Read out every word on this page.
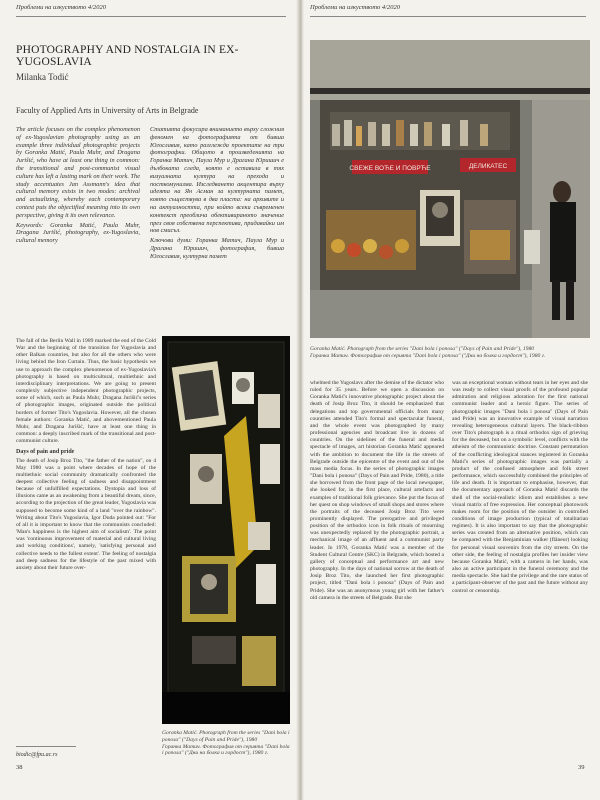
Проблеми на изкуството 4/2020
PHOTOGRAPHY AND NOSTALGIA IN EX-YUGOSLAVIA
Milanka Todić
Faculty of Applied Arts in University of Arts in Belgrade
The article focuses on the complex phenomenon of ex-Yugoslavian photography using as an example three individual photographic projects by Goranka Matić, Paula Muhr, and Dragana Jurišić, who have at least one thing in common: the transitional and post-communist visual culture has left a lasting mark on their work. The study accentuates Jan Assmann's idea that cultural memory exists in two modes: archival and actualizing, whereby each contemporary context puts the objectified meaning into its own perspective, giving it its own relevance.
Keywords: Goranka Matić, Paula Muhr, Dragana Jurišić, photography, ex-Yugoslavia, cultural memory
Статията фокусира вниманието върху сложния феномен на фотографията от бивша Югославия, като разглежда проектите на три фотографки. Общото в произведенията на Горанка Матич, Паула Мур и Драгана Юришич е дълбоката следа, която е оставила в тях визуалната култура на прехода и посткомунизма. Изследването акцентира върху идеята на Ян Асман за културната памет, която съществува в два пласта: на архивите и на актуалността, при който всеки съвременен контекст преоблича обективираното значение през своя собствена перспектива, придавайки им нов смисъл.
Ключови думи: Горанка Матич, Паула Мур и Драгана Юришич, фотография, бивша Югославия, културна памет
The fall of the Berlin Wall in 1989 marked the end of the Cold War and the beginning of the transition for Yugoslavia and other Balkan countries, but also for all the others who were living behind the Iron Curtain. Thus, the basic hypothesis we use to approach the complex phenomenon of ex-Yugoslavia's photography is based on multicultural, multiethnic and interdisciplinary interpretations. We are going to present complexly subjective independent photographic projects, some of which, such as Paula Muhr, Dragana Jurišić's series of photographic images, originated outside the political borders of former Tito's Yugoslavia. However, all the chosen female authors: Goranka Matić, and abovementioned Paula Muhr, and Dragana Jurišić, have at least one thing in common: a deeply inscribed mark of the transitional and post-communist culture.
Days of pain and pride
The death of Josip Broz Tito, "the father of the nation", on 4 May 1980 was a point where decades of hope of the multiethnic social community dramatically confronted the deepest collective feeling of sadness and disappointment because of unfulfilled expectations. Dystopia and loss of illusions came as an awakening from a beautiful dream, since, according to the projection of the great leader, Yugoslavia was supposed to become some kind of a land "over the rainbow". Writing about Tito's Yugoslavia, Igor Duda pointed out: "For of all it is important to know that the communists concluded: 'Man's happiness is the highest aim of socialism'. The point was 'continuous improvement of material and cultural living and working conditions', namely, 'satisfying personal and collective needs to the fullest extent'. The feeling of nostalgia and deep sadness for the lifestyle of the past mixed with anxiety about their future over-
Goranka Matić. Photograph from the series "Dani bola i ponosa" ("Days of Pain and Pride"), 1980
Горанка Матич. Фотография от серията "Dani bola i ponosa" ("Дни на болка и гордост"), 1980 г.
biodic@fpu.ac.rs
38
Проблеми на изкуството 4/2020
СВЕЖЕ ВОЋЕ И ПОВРЋЕ	ДЕЛИКАТЕС
Goranka Matić. Photograph from the series "Dani bola i ponosa" ("Days of Pain and Pride"), 1980
Горанка Матич. Фотография от серията "Dani bola i ponosa" ("Дни на болка и гордост"), 1980 г.
whelmed the Yugoslavs after the demise of the dictator who ruled for 35 years. Before we open a discussion on Goranka Matić's innovative photographic project about the death of Josip Broz Tito, it should be emphasized that delegations and top governmental officials from many countries attended Tito's formal and spectacular funeral, and the whole event was photographed by many professional agencies and broadcast live in dozens of countries. On the sidelines of the funeral and media spectacle of images, art historian Goranka Matić appeared with the ambition to document the life in the streets of Belgrade outside the epicentre of the event and out of the mass media focus. In the series of photographic images "Dani bola i ponosa" (Days of Pain and Pride, 1980), a title she borrowed from the front page of the local newspaper, she looked for, in the first place, cultural artefacts and examples of traditional folk grievance. She put the focus of her quest on shop windows of small shops and stores where the portraits of the deceased Josip Broz Tito were prominently displayed. The prerogative and privileged position of the orthodox icon in folk rituals of mourning was unexpectedly replaced by the photographic portrait, a mechanical image of an affluent and a communist party leader. In 1978, Goranka Matić was a member of the Student Cultural Centre (SKC) in Belgrade, which hosted a gallery of conceptual and performance art and new photography. In the days of national sorrow at the death of Josip Broz Tito, she launched her first photographic project, titled "Dani bola i ponosa" (Days of Pain and Pride). She was an anonymous young girl with her father's old camera in the streets of Belgrade. But she
was an exceptional woman without tears in her eyes and she was ready to collect visual proofs of the profound popular admiration and religious adoration for the first national communist leader and a heroic figure. The series of photographic images "Dani bola i ponosa" (Days of Pain and Pride) was an innovative example of visual narration revealing heterogeneous cultural layers. The black-ribbon over Tito's photograph is a ritual orthodox sign of grieving for the deceased, but on a symbolic level, conflicts with the atheism of the communistic doctrine. Constant permutation of the conflicting ideological stances registered in Goranka Matić's series of photographic images was partially a product of the confused atmosphere and folk street performance, which successfully combined the principles of life and death. It is important to emphasise, however, that the documentary approach of Goranka Matić discards the shell of the social-realistic idiom and establishes a new visual matrix of free expression. Her conceptual photowork makes room for the position of the outsider in controlled conditions of image production (typical of totalitarian regimes). It is also important to say that the photographic series was created from an alternative position, which can be compared with the Benjaminian walker (flâneur) looking for personal visual souvenirs from the city streets. On the other side, the feeling of nostalgia profiles her insider view because Goranka Matić, with a camera in her hands, was also an active participant in the funeral ceremony and the media spectacle. She had the privilege and the rare status of a participant-observer of the past and the future without any control or censorship.
39
